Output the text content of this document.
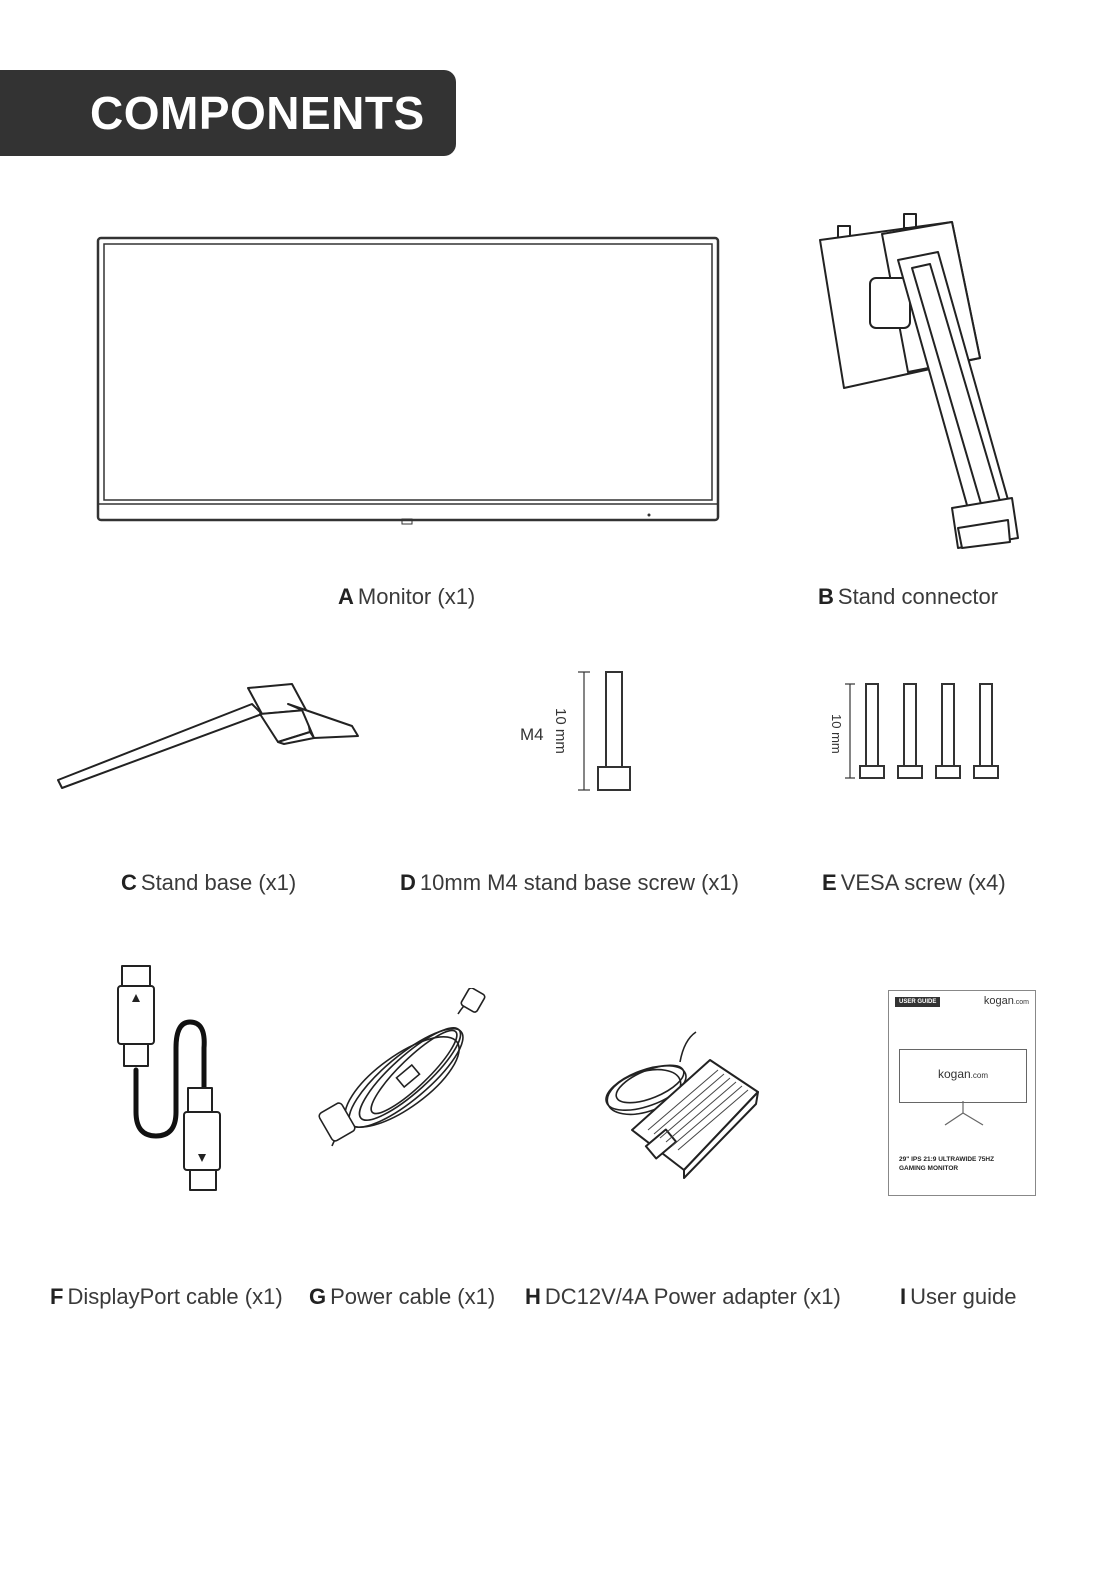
COMPONENTS
M4 10 mm	10 mm
USER GUIDE	kogan.com
kogan.com
29" IPS 21:9 ULTRAWIDE 75HZ
GAMING MONITOR
A Monitor (x1)	B Stand connector
C Stand base (x1)	D 10mm M4 stand base screw (x1)	E VESA screw (x4)
F DisplayPort cable (x1) G Power cable (x1) H DC12V/4A Power adapter (x1)	I User guide
